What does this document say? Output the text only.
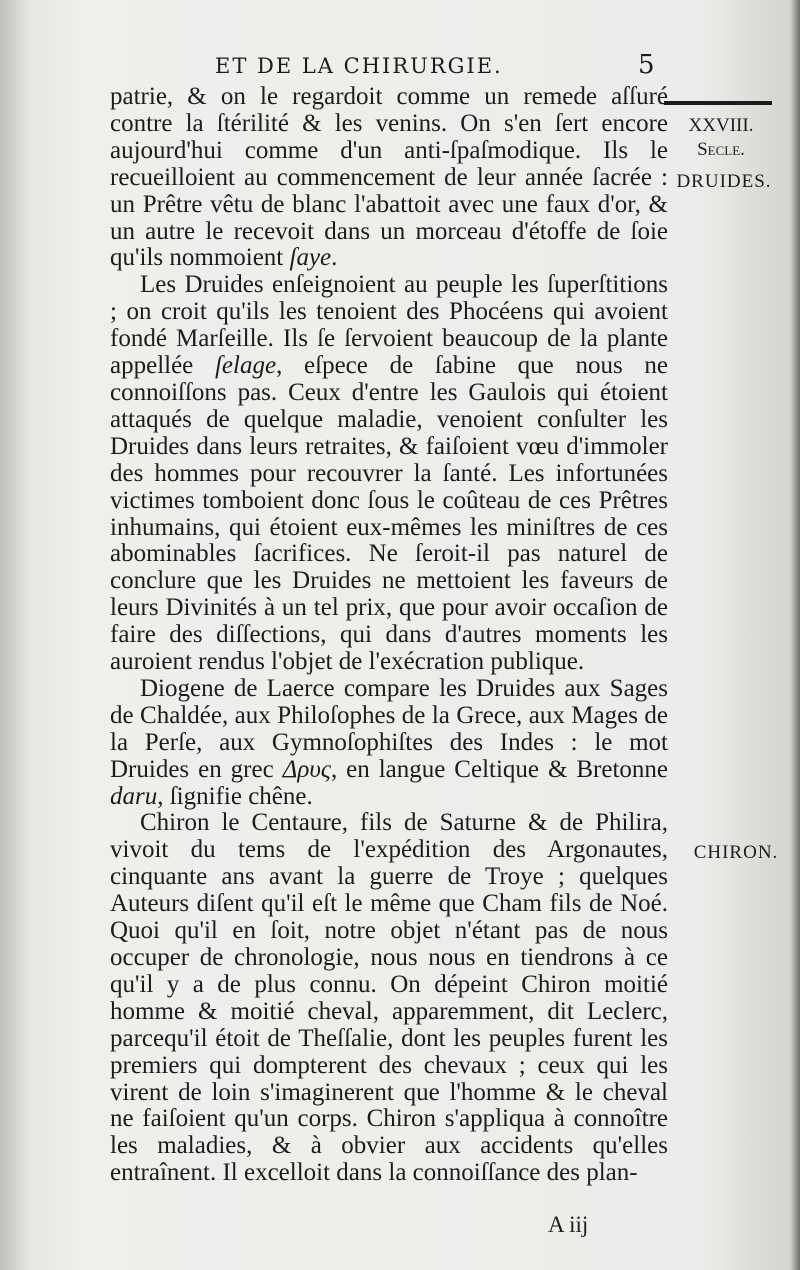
ET DE LA CHIRURGIE.	5
XXVIII.
Secle.
DRUIDES.
CHIRON.

patrie, & on le regardoit comme un remede aſſuré contre la ſtérilité & les venins. On s'en ſert encore aujourd'hui comme d'un anti-ſpaſmodique. Ils le recueilloient au commencement de leur année ſacrée : un Prêtre vêtu de blanc l'abattoit avec une faux d'or, & un autre le recevoit dans un morceau d'étoffe de ſoie qu'ils nommoient ſaye.

Les Druides enſeignoient au peuple les ſuperſtitions ; on croit qu'ils les tenoient des Phocéens qui avoient fondé Marſeille. Ils ſe ſervoient beaucoup de la plante appellée ſelage, eſpece de ſabine que nous ne connoiſſons pas. Ceux d'entre les Gaulois qui étoient attaqués de quelque maladie, venoient conſulter les Druides dans leurs retraites, & faiſoient vœu d'immoler des hommes pour recouvrer la ſanté. Les infortunées victimes tomboient donc ſous le coûteau de ces Prêtres inhumains, qui étoient eux-mêmes les miniſtres de ces abominables ſacrifices. Ne ſeroit-il pas naturel de conclure que les Druides ne mettoient les faveurs de leurs Divinités à un tel prix, que pour avoir occaſion de faire des diſſections, qui dans d'autres moments les auroient rendus l'objet de l'exécration publique.

Diogene de Laerce compare les Druides aux Sages de Chaldée, aux Philoſophes de la Grece, aux Mages de la Perſe, aux Gymnoſophiſtes des Indes : le mot Druides en grec Δρυς, en langue Celtique & Bretonne daru, ſignifie chêne.

Chiron le Centaure, fils de Saturne & de Philira, vivoit du tems de l'expédition des Argonautes, cinquante ans avant la guerre de Troye ; quelques Auteurs diſent qu'il eſt le même que Cham fils de Noé. Quoi qu'il en ſoit, notre objet n'étant pas de nous occuper de chronologie, nous nous en tiendrons à ce qu'il y a de plus connu. On dépeint Chiron moitié homme & moitié cheval, apparemment, dit Leclerc, parcequ'il étoit de Theſſalie, dont les peuples furent les premiers qui dompterent des chevaux ; ceux qui les virent de loin s'imaginerent que l'homme & le cheval ne faiſoient qu'un corps. Chiron s'appliqua à connoître les maladies, & à obvier aux accidents qu'elles entraînent. Il excelloit dans la connoiſſance des plan-

A iij
